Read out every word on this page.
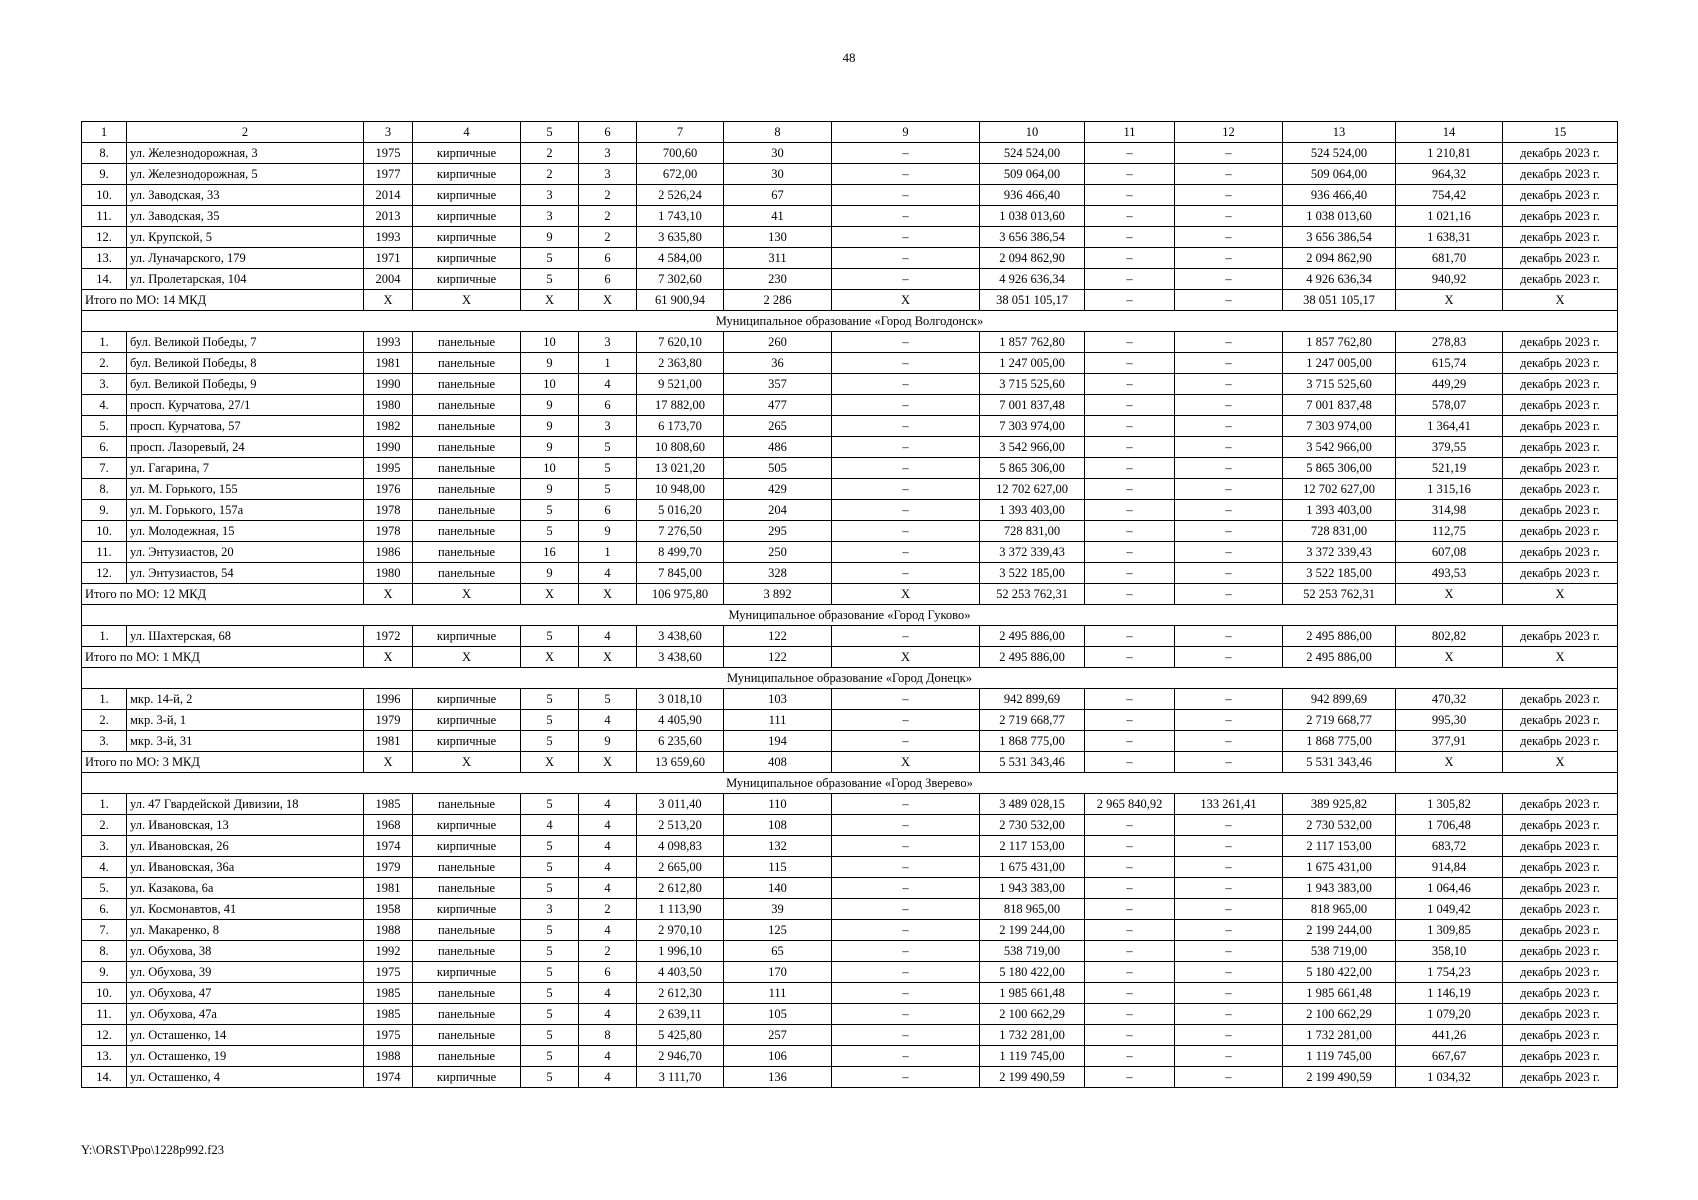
48
1	2	3	4	5	6	7	8	9	10	11	12	13	14	15
8.	ул. Железнодорожная, 3	1975	кирпичные	2	3	700,60	30	–	524 524,00	–	–	524 524,00	1 210,81	декабрь 2023 г.
9.	ул. Железнодорожная, 5	1977	кирпичные	2	3	672,00	30	–	509 064,00	–	–	509 064,00	964,32	декабрь 2023 г.
10.	ул. Заводская, 33	2014	кирпичные	3	2	2 526,24	67	–	936 466,40	–	–	936 466,40	754,42	декабрь 2023 г.
11.	ул. Заводская, 35	2013	кирпичные	3	2	1 743,10	41	–	1 038 013,60	–	–	1 038 013,60	1 021,16	декабрь 2023 г.
12.	ул. Крупской, 5	1993	кирпичные	9	2	3 635,80	130	–	3 656 386,54	–	–	3 656 386,54	1 638,31	декабрь 2023 г.
13.	ул. Луначарского, 179	1971	кирпичные	5	6	4 584,00	311	–	2 094 862,90	–	–	2 094 862,90	681,70	декабрь 2023 г.
14.	ул. Пролетарская, 104	2004	кирпичные	5	6	7 302,60	230	–	4 926 636,34	–	–	4 926 636,34	940,92	декабрь 2023 г.
Итого по МО: 14 МКД		Х	Х	Х	Х	61 900,94	2 286	Х	38 051 105,17	–	–	38 051 105,17	Х	Х
Муниципальное образование «Город Волгодонск»														
1.	бул. Великой Победы, 7	1993	панельные	10	3	7 620,10	260	–	1 857 762,80	–	–	1 857 762,80	278,83	декабрь 2023 г.
2.	бул. Великой Победы, 8	1981	панельные	9	1	2 363,80	36	–	1 247 005,00	–	–	1 247 005,00	615,74	декабрь 2023 г.
3.	бул. Великой Победы, 9	1990	панельные	10	4	9 521,00	357	–	3 715 525,60	–	–	3 715 525,60	449,29	декабрь 2023 г.
4.	просп. Курчатова, 27/1	1980	панельные	9	6	17 882,00	477	–	7 001 837,48	–	–	7 001 837,48	578,07	декабрь 2023 г.
5.	просп. Курчатова, 57	1982	панельные	9	3	6 173,70	265	–	7 303 974,00	–	–	7 303 974,00	1 364,41	декабрь 2023 г.
6.	просп. Лазоревый, 24	1990	панельные	9	5	10 808,60	486	–	3 542 966,00	–	–	3 542 966,00	379,55	декабрь 2023 г.
7.	ул. Гагарина, 7	1995	панельные	10	5	13 021,20	505	–	5 865 306,00	–	–	5 865 306,00	521,19	декабрь 2023 г.
8.	ул. М. Горького, 155	1976	панельные	9	5	10 948,00	429	–	12 702 627,00	–	–	12 702 627,00	1 315,16	декабрь 2023 г.
9.	ул. М. Горького, 157а	1978	панельные	5	6	5 016,20	204	–	1 393 403,00	–	–	1 393 403,00	314,98	декабрь 2023 г.
10.	ул. Молодежная, 15	1978	панельные	5	9	7 276,50	295	–	728 831,00	–	–	728 831,00	112,75	декабрь 2023 г.
11.	ул. Энтузиастов, 20	1986	панельные	16	1	8 499,70	250	–	3 372 339,43	–	–	3 372 339,43	607,08	декабрь 2023 г.
12.	ул. Энтузиастов, 54	1980	панельные	9	4	7 845,00	328	–	3 522 185,00	–	–	3 522 185,00	493,53	декабрь 2023 г.
Итого по МО: 12 МКД		Х	Х	Х	Х	106 975,80	3 892	Х	52 253 762,31	–	–	52 253 762,31	Х	Х
Муниципальное образование «Город Гуково»														
1.	ул. Шахтерская, 68	1972	кирпичные	5	4	3 438,60	122	–	2 495 886,00	–	–	2 495 886,00	802,82	декабрь 2023 г.
Итого по МО: 1 МКД		Х	Х	Х	Х	3 438,60	122	Х	2 495 886,00	–	–	2 495 886,00	Х	Х
Муниципальное образование «Город Донецк»														
1.	мкр. 14-й, 2	1996	кирпичные	5	5	3 018,10	103	–	942 899,69	–	–	942 899,69	470,32	декабрь 2023 г.
2.	мкр. 3-й, 1	1979	кирпичные	5	4	4 405,90	111	–	2 719 668,77	–	–	2 719 668,77	995,30	декабрь 2023 г.
3.	мкр. 3-й, 31	1981	кирпичные	5	9	6 235,60	194	–	1 868 775,00	–	–	1 868 775,00	377,91	декабрь 2023 г.
Итого по МО: 3 МКД		Х	Х	Х	Х	13 659,60	408	Х	5 531 343,46	–	–	5 531 343,46	Х	Х
Муниципальное образование «Город Зверево»														
1.	ул. 47 Гвардейской Дивизии, 18	1985	панельные	5	4	3 011,40	110	–	3 489 028,15	2 965 840,92	133 261,41	389 925,82	1 305,82	декабрь 2023 г.
2.	ул. Ивановская, 13	1968	кирпичные	4	4	2 513,20	108	–	2 730 532,00	–	–	2 730 532,00	1 706,48	декабрь 2023 г.
3.	ул. Ивановская, 26	1974	кирпичные	5	4	4 098,83	132	–	2 117 153,00	–	–	2 117 153,00	683,72	декабрь 2023 г.
4.	ул. Ивановская, 36а	1979	панельные	5	4	2 665,00	115	–	1 675 431,00	–	–	1 675 431,00	914,84	декабрь 2023 г.
5.	ул. Казакова, 6а	1981	панельные	5	4	2 612,80	140	–	1 943 383,00	–	–	1 943 383,00	1 064,46	декабрь 2023 г.
6.	ул. Космонавтов, 41	1958	кирпичные	3	2	1 113,90	39	–	818 965,00	–	–	818 965,00	1 049,42	декабрь 2023 г.
7.	ул. Макаренко, 8	1988	панельные	5	4	2 970,10	125	–	2 199 244,00	–	–	2 199 244,00	1 309,85	декабрь 2023 г.
8.	ул. Обухова, 38	1992	панельные	5	2	1 996,10	65	–	538 719,00	–	–	538 719,00	358,10	декабрь 2023 г.
9.	ул. Обухова, 39	1975	кирпичные	5	6	4 403,50	170	–	5 180 422,00	–	–	5 180 422,00	1 754,23	декабрь 2023 г.
10.	ул. Обухова, 47	1985	панельные	5	4	2 612,30	111	–	1 985 661,48	–	–	1 985 661,48	1 146,19	декабрь 2023 г.
11.	ул. Обухова, 47а	1985	панельные	5	4	2 639,11	105	–	2 100 662,29	–	–	2 100 662,29	1 079,20	декабрь 2023 г.
12.	ул. Осташенко, 14	1975	панельные	5	8	5 425,80	257	–	1 732 281,00	–	–	1 732 281,00	441,26	декабрь 2023 г.
13.	ул. Осташенко, 19	1988	панельные	5	4	2 946,70	106	–	1 119 745,00	–	–	1 119 745,00	667,67	декабрь 2023 г.
14.	ул. Осташенко, 4	1974	кирпичные	5	4	3 111,70	136	–	2 199 490,59	–	–	2 199 490,59	1 034,32	декабрь 2023 г.
Y:\ORST\Ppo\1228p992.f23
